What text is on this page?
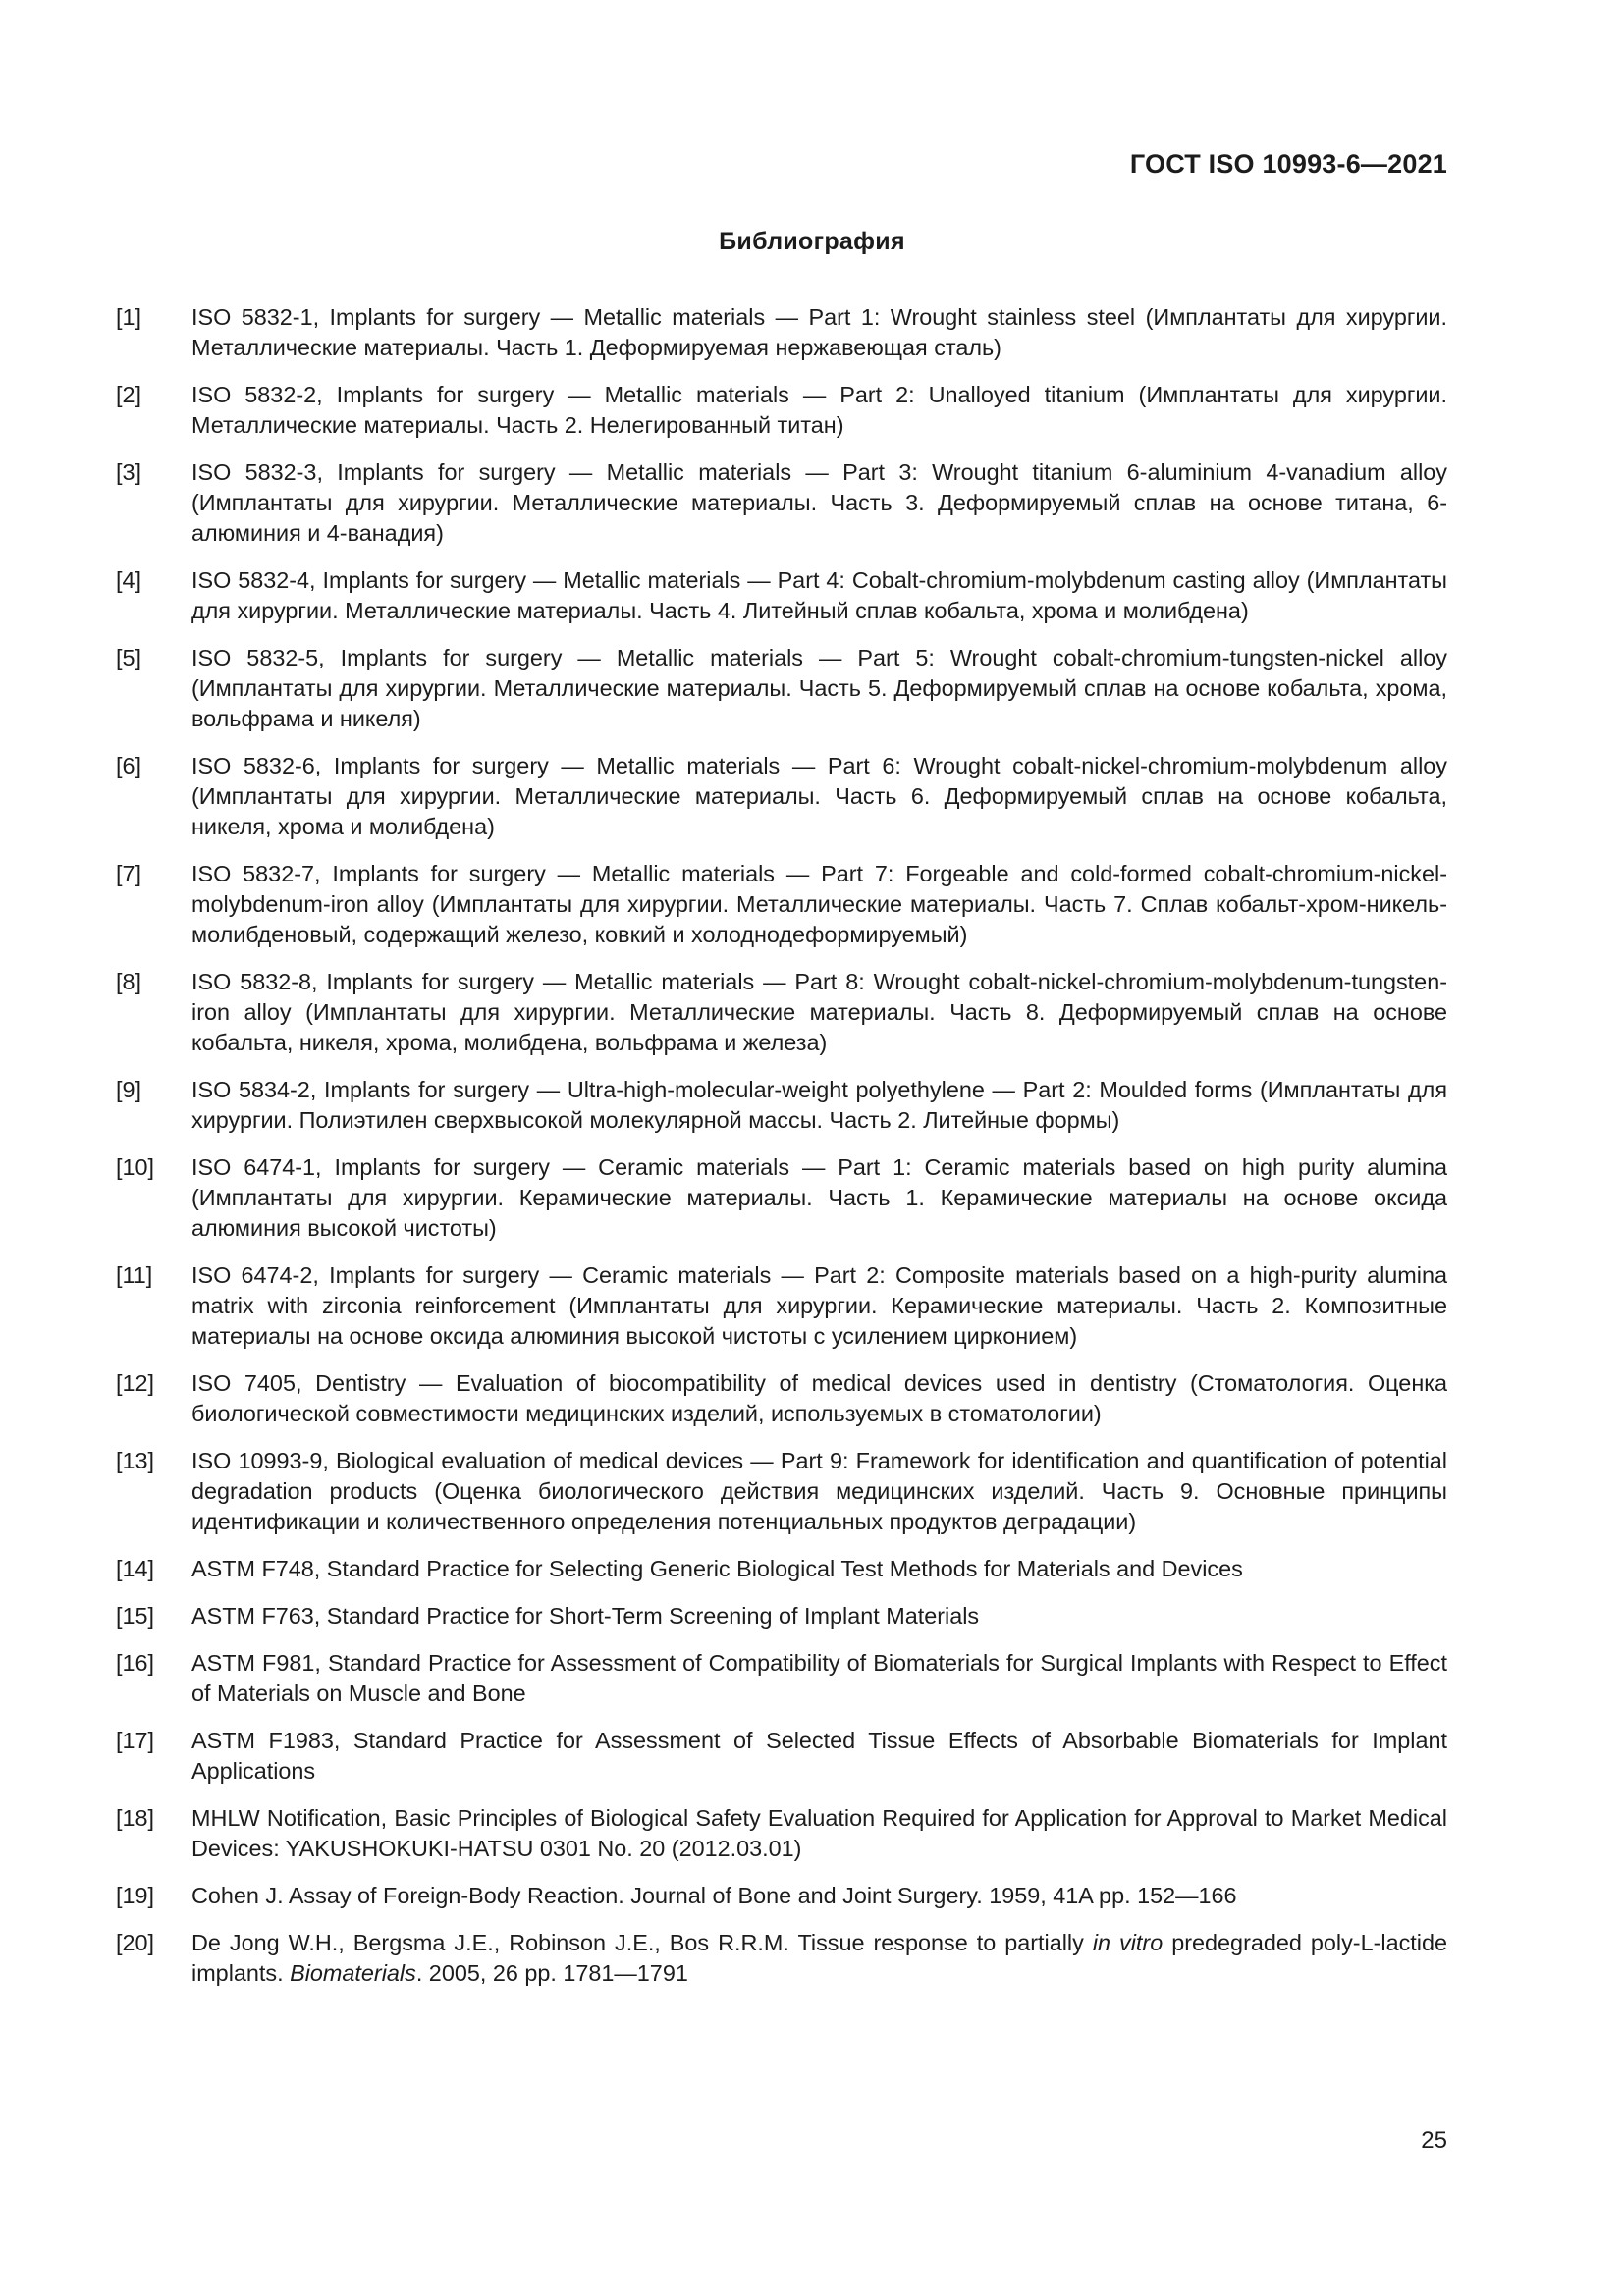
ГОСТ ISO 10993-6—2021
Библиография
[1]	ISO 5832-1, Implants for surgery — Metallic materials — Part 1: Wrought stainless steel (Имплантаты для хирургии. Металлические материалы. Часть 1. Деформируемая нержавеющая сталь)
[2]	ISO 5832-2, Implants for surgery — Metallic materials — Part 2: Unalloyed titanium (Имплантаты для хирургии. Металлические материалы. Часть 2. Нелегированный титан)
[3]	ISO 5832-3, Implants for surgery — Metallic materials — Part 3: Wrought titanium 6-aluminium 4-vanadium alloy (Имплантаты для хирургии. Металлические материалы. Часть 3. Деформируемый сплав на основе титана, 6-алюминия и 4-ванадия)
[4]	ISO 5832-4, Implants for surgery — Metallic materials — Part 4: Cobalt-chromium-molybdenum casting alloy (Имплантаты для хирургии. Металлические материалы. Часть 4. Литейный сплав кобальта, хрома и молибдена)
[5]	ISO 5832-5, Implants for surgery — Metallic materials — Part 5: Wrought cobalt-chromium-tungsten-nickel alloy (Имплантаты для хирургии. Металлические материалы. Часть 5. Деформируемый сплав на основе кобальта, хрома, вольфрама и никеля)
[6]	ISO 5832-6, Implants for surgery — Metallic materials — Part 6: Wrought cobalt-nickel-chromium-molybdenum alloy (Имплантаты для хирургии. Металлические материалы. Часть 6. Деформируемый сплав на основе кобальта, никеля, хрома и молибдена)
[7]	ISO 5832-7, Implants for surgery — Metallic materials — Part 7: Forgeable and cold-formed cobalt-chromium-nickel-molybdenum-iron alloy (Имплантаты для хирургии. Металлические материалы. Часть 7. Сплав кобальт-хром-никель-молибденовый, содержащий железо, ковкий и холоднодеформируемый)
[8]	ISO 5832-8, Implants for surgery — Metallic materials — Part 8: Wrought cobalt-nickel-chromium-molybdenum-tungsten-iron alloy (Имплантаты для хирургии. Металлические материалы. Часть 8. Деформируемый сплав на основе кобальта, никеля, хрома, молибдена, вольфрама и железа)
[9]	ISO 5834-2, Implants for surgery — Ultra-high-molecular-weight polyethylene — Part 2: Moulded forms (Имплантаты для хирургии. Полиэтилен сверхвысокой молекулярной массы. Часть 2. Литейные формы)
[10]	ISO 6474-1, Implants for surgery — Ceramic materials — Part 1: Ceramic materials based on high purity alumina (Имплантаты для хирургии. Керамические материалы. Часть 1. Керамические материалы на основе оксида алюминия высокой чистоты)
[11]	ISO 6474-2, Implants for surgery — Ceramic materials — Part 2: Composite materials based on a high-purity alumina matrix with zirconia reinforcement (Имплантаты для хирургии. Керамические материалы. Часть 2. Композитные материалы на основе оксида алюминия высокой чистоты с усилением цирконием)
[12]	ISO 7405, Dentistry — Evaluation of biocompatibility of medical devices used in dentistry (Стоматология. Оценка биологической совместимости медицинских изделий, используемых в стоматологии)
[13]	ISO 10993-9, Biological evaluation of medical devices — Part 9: Framework for identification and quantification of potential degradation products (Оценка биологического действия медицинских изделий. Часть 9. Основные принципы идентификации и количественного определения потенциальных продуктов деградации)
[14]	ASTM F748, Standard Practice for Selecting Generic Biological Test Methods for Materials and Devices
[15]	ASTM F763, Standard Practice for Short-Term Screening of Implant Materials
[16]	ASTM F981, Standard Practice for Assessment of Compatibility of Biomaterials for Surgical Implants with Respect to Effect of Materials on Muscle and Bone
[17]	ASTM F1983, Standard Practice for Assessment of Selected Tissue Effects of Absorbable Biomaterials for Implant Applications
[18]	MHLW Notification, Basic Principles of Biological Safety Evaluation Required for Application for Approval to Market Medical Devices: YAKUSHOKUKI-HATSU 0301 No. 20 (2012.03.01)
[19]	Cohen J. Assay of Foreign-Body Reaction. Journal of Bone and Joint Surgery. 1959, 41A pp. 152—166
[20]	De Jong W.H., Bergsma J.E., Robinson J.E., Bos R.R.M. Tissue response to partially in vitro predegraded poly-L-lactide implants. Biomaterials. 2005, 26 pp. 1781—1791
25
